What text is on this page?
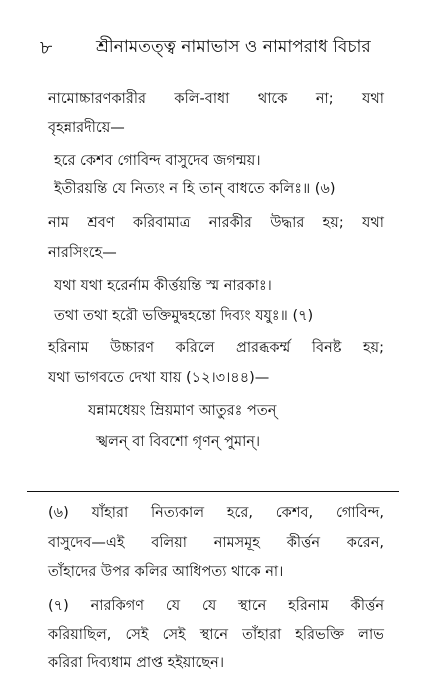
৮	শ্রীনামতত্ত্ব নামাভাস ও নামাপরাধ বিচার
নামোচ্চারণকারীর কলি-বাধা থাকে না; যথা
বৃহন্নারদীয়ে—
হরে কেশব গোবিন্দ বাসুদেব জগন্ময়।
ইতীরয়ন্তি যে নিত্যং ন হি তান্ বাধতে কলিঃ॥ (৬)
নাম শ্রবণ করিবামাত্র নারকীর উদ্ধার হয়; যথা
নারসিংহে—
যথা যথা হরের্নাম কীর্ত্তয়ন্তি স্ম নারকাঃ।
তথা তথা হরৌ ভক্তিমুদ্বহন্তো দিব্যং যযুঃ॥ (৭)
হরিনাম উচ্চারণ করিলে প্রারব্ধকর্ম্ম বিনষ্ট হয়;
যথা ভাগবতে দেখা যায় (১২।৩।৪৪)—
যন্নামধেয়ং ম্রিয়মাণ আতুরঃ পতন্
স্খলন্ বা বিবশো গৃণন্ পুমান্।
(৬) যাঁহারা নিত্যকাল হরে, কেশব, গোবিন্দ,
বাসুদেব—এই বলিয়া নামসমূহ কীর্ত্তন করেন,
তাঁহাদের উপর কলির আধিপত্য থাকে না।
(৭) নারকিগণ যে যে স্থানে হরিনাম কীর্ত্তন
করিয়াছিল, সেই সেই স্থানে তাঁহারা হরিভক্তি লাভ
করিরা দিব্যধাম প্রাপ্ত হইয়াছেন।
